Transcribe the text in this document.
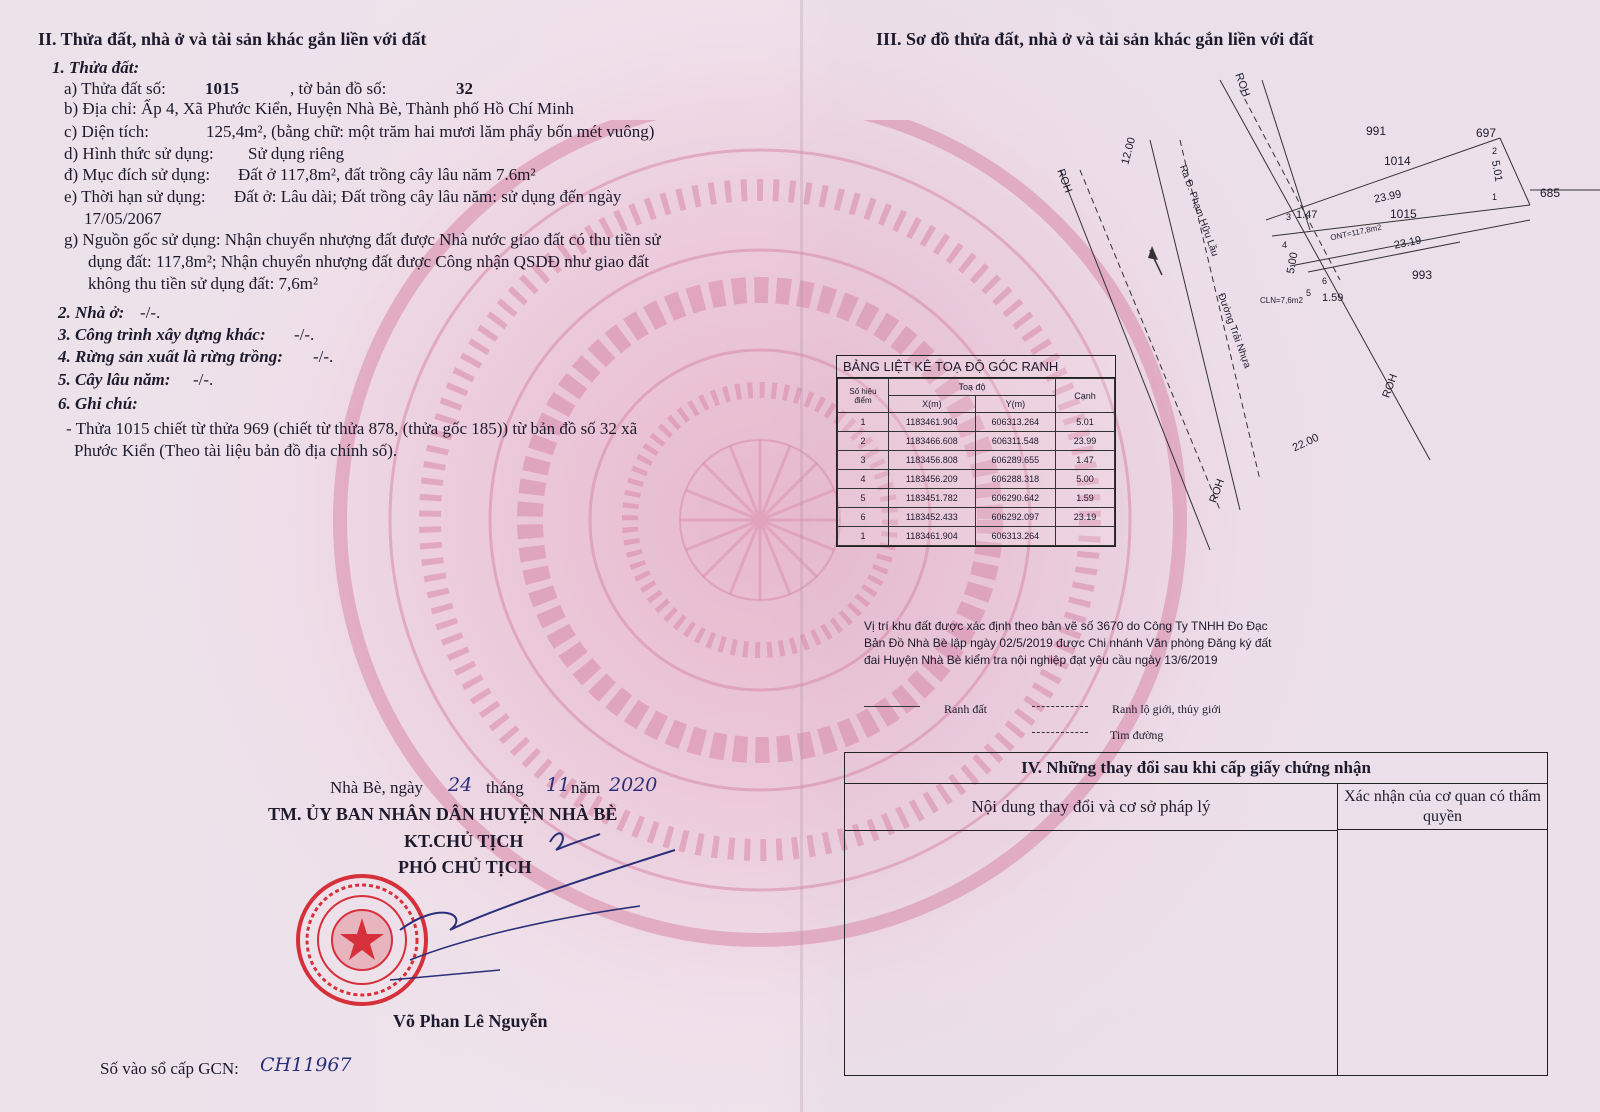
II. Thửa đất, nhà ở và tài sản khác gắn liền với đất
1. Thửa đất:
a) Thửa đất số: 1015	, tờ bản đồ số:	32
b) Địa chỉ: Ấp 4, Xã Phước Kiển, Huyện Nhà Bè, Thành phố Hồ Chí Minh
c) Diện tích:	125,4m², (bằng chữ: một trăm hai mươi lăm phẩy bốn mét vuông)
d) Hình thức sử dụng: Sử dụng riêng
đ) Mục đích sử dụng: Đất ở 117,8m², đất trồng cây lâu năm 7.6m²
e) Thời hạn sử dụng: Đất ở: Lâu dài; Đất trồng cây lâu năm: sử dụng đến ngày
17/05/2067
g) Nguồn gốc sử dụng: Nhận chuyển nhượng đất được Nhà nước giao đất có thu tiền sử
dụng đất: 117,8m²; Nhận chuyển nhượng đất được Công nhận QSDĐ như giao đất
không thu tiền sử dụng đất: 7,6m²
2. Nhà ở: -/-.
3. Công trình xây dựng khác: -/-.
4. Rừng sản xuất là rừng trồng: -/-.
5. Cây lâu năm: -/-.
6. Ghi chú:
- Thửa 1015 chiết từ thửa 969 (chiết từ thửa 878, (thửa gốc 185)) từ bản đồ số 32 xã
Phước Kiển (Theo tài liệu bản đồ địa chính số).
Nhà Bè, ngày 24 tháng 11 năm 2020
TM. ỦY BAN NHÂN DÂN HUYỆN NHÀ BÈ
KT.CHỦ TỊCH
PHÓ CHỦ TỊCH
Võ Phan Lê Nguyễn
Số vào sổ cấp GCN: CH11967
III. Sơ đồ thửa đất, nhà ở và tài sản khác gắn liền với đất
ROH
ROH
ROH
ROH
12.00
Ra Đ. Phạm Hữu Lầu
Đường Trải Nhựa
22.00
991	697
1014
685
23.99
1015
ONT=117,8m2
23.19
993
5.01
1.47
5.00
1.59
CLN=7,6m2
2
1
3
4
5
6
BẢNG LIỆT KÊ TOẠ ĐỘ GÓC RANH
Số hiệu điểm	Toạ độ		Cạnh
	X(m)	Y(m)	
1	1183461.904	606313.264	5.01
2	1183466.608	606311.548	23.99
3	1183456.808	606289.655	1.47
4	1183456.209	606288.318	5.00
5	1183451.782	606290.642	1.59
6	1183452.433	606292.097	23.19
1	1183461.904	606313.264	
Vị trí khu đất được xác định theo bản vẽ số 3670 do Công Ty TNHH Đo Đạc
Bản Đồ Nhà Bè lập ngày 02/5/2019 được Chi nhánh Văn phòng Đăng ký đất
đai Huyện Nhà Bè kiểm tra nội nghiệp đạt yêu cầu ngày 13/6/2019
Ranh đất	Ranh lộ giới, thủy giới
Tim đường
IV. Những thay đổi sau khi cấp giấy chứng nhận
Nội dung thay đổi và cơ sở pháp lý
Xác nhận của cơ quan có thẩm quyền
